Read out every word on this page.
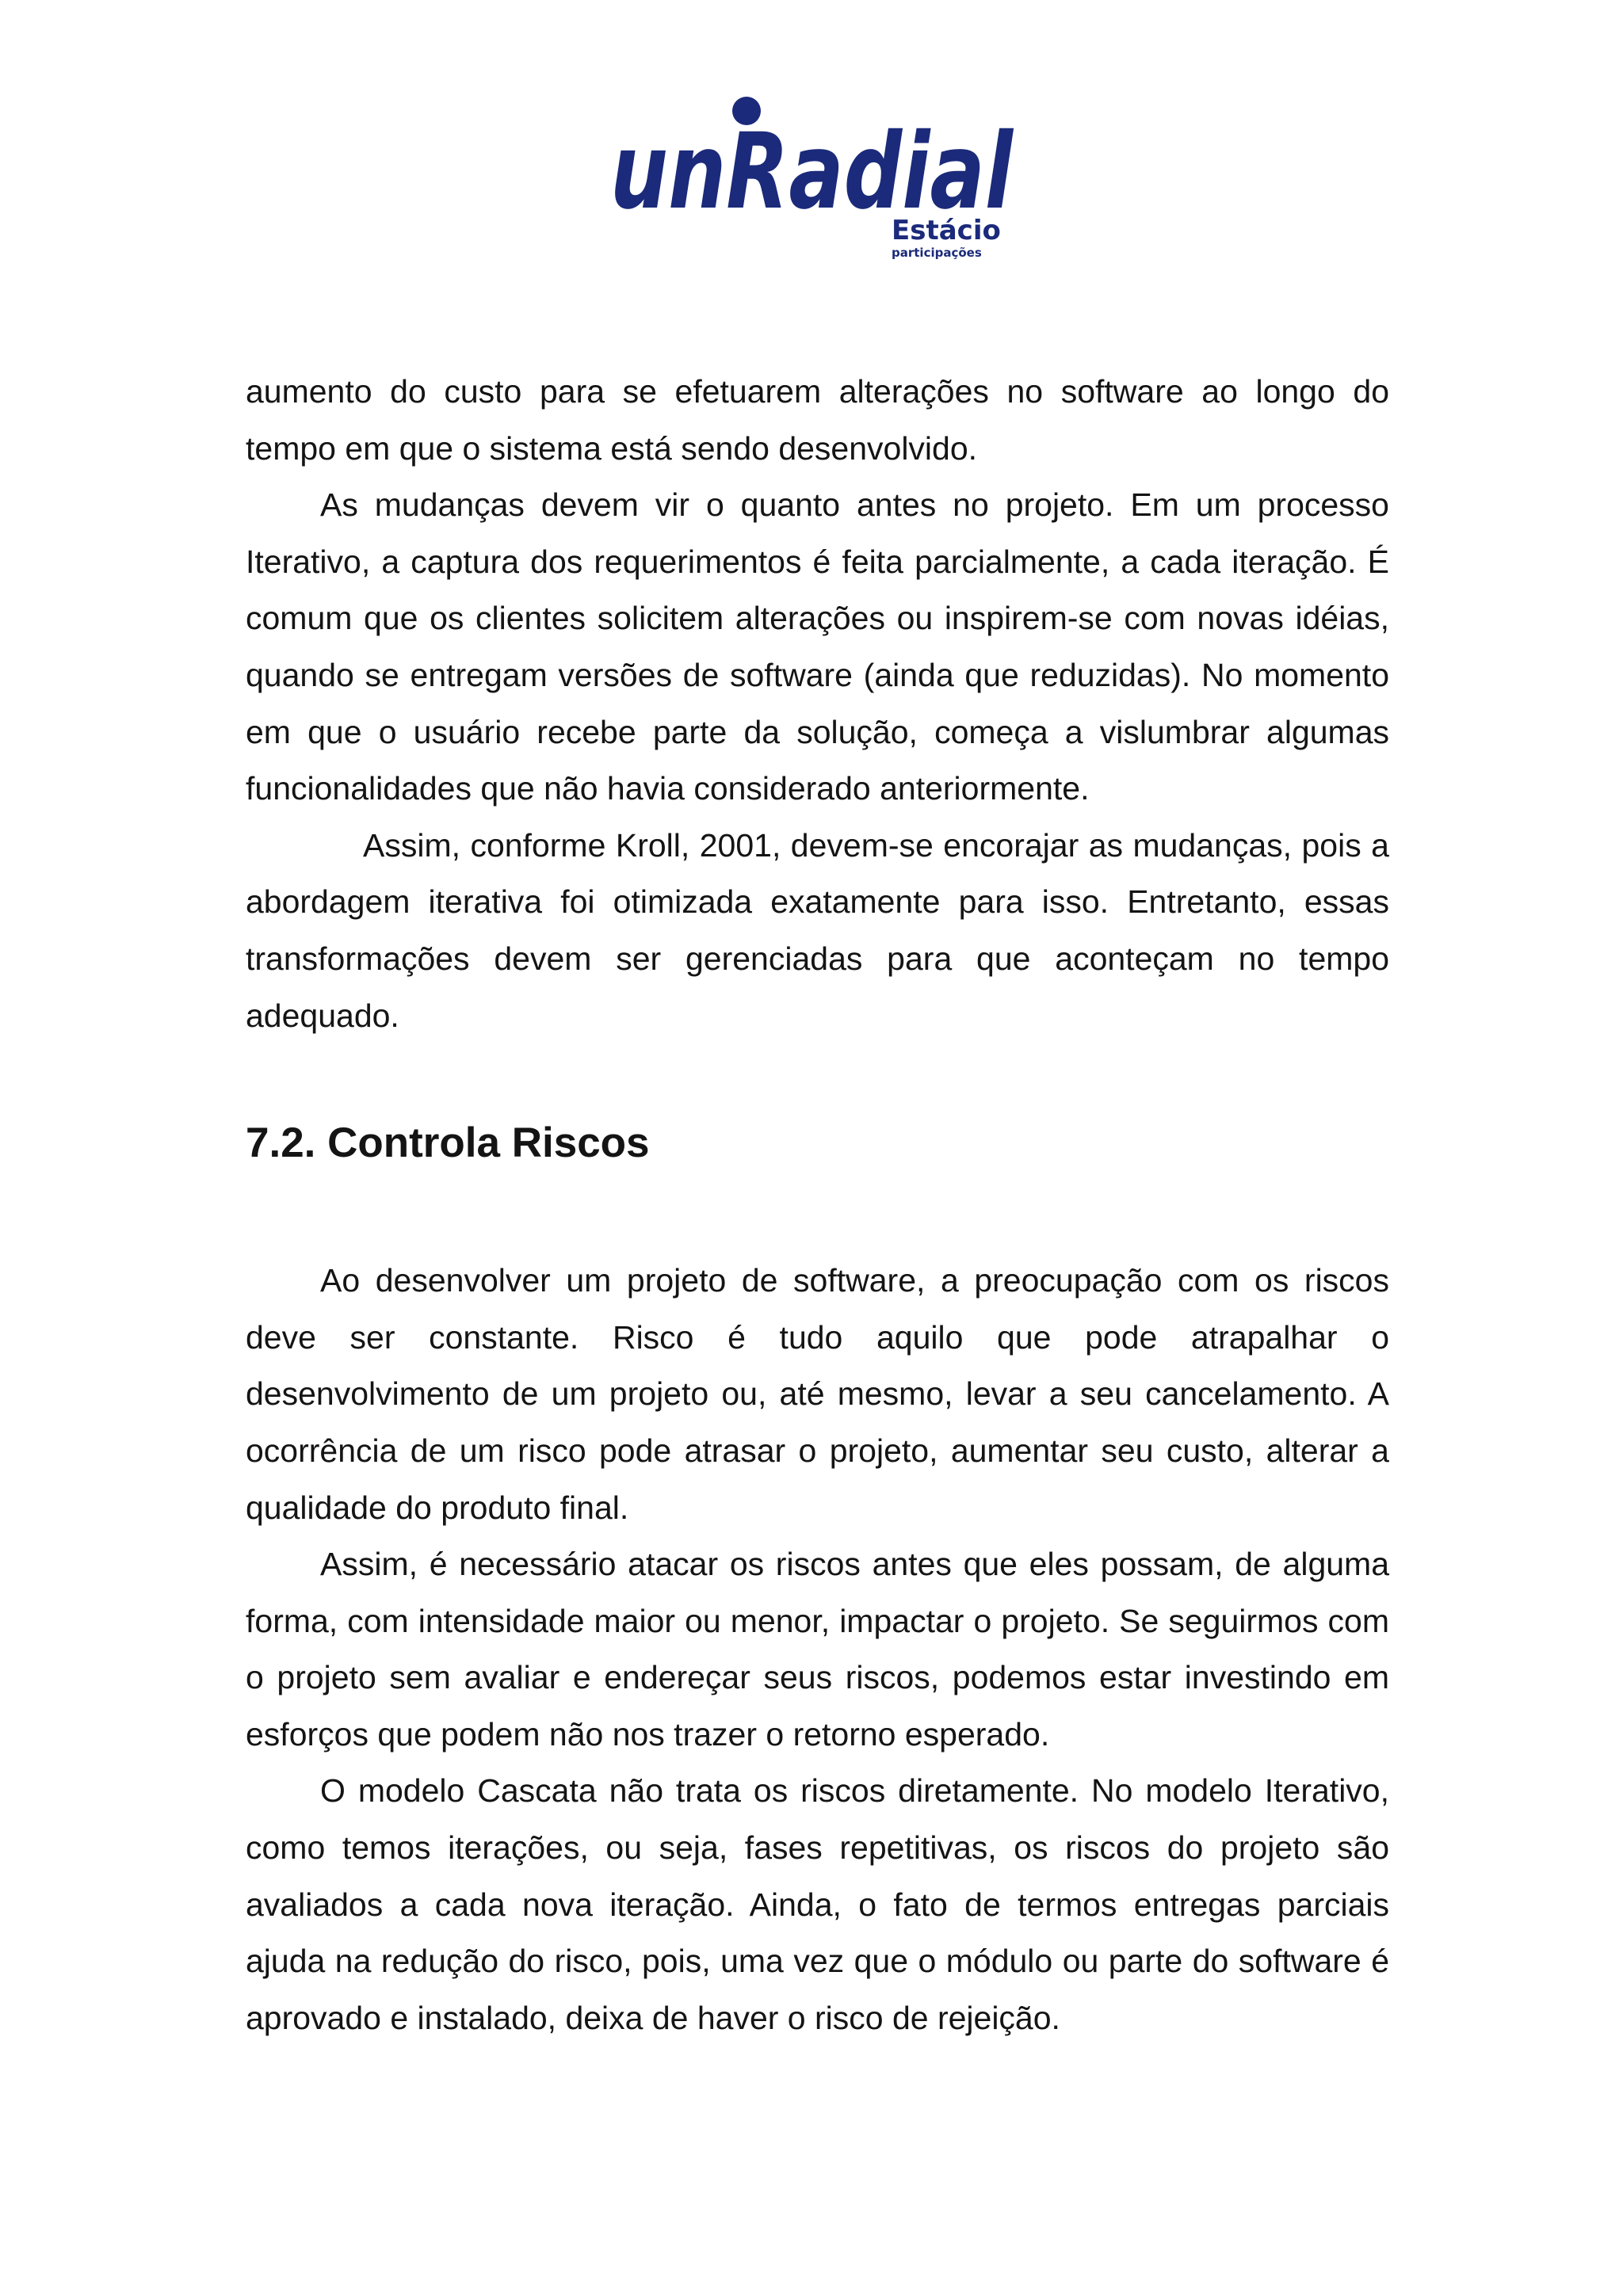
unRadial
Estácio
participações

aumento do custo para se efetuarem alterações no software ao longo do tempo em que o sistema está sendo desenvolvido.

As mudanças devem vir o quanto antes no projeto. Em um processo Iterativo, a captura dos requerimentos é feita parcialmente, a cada iteração. É comum que os clientes solicitem alterações ou inspirem-se com novas idéias, quando se entregam versões de software (ainda que reduzidas). No momento em que o usuário recebe parte da solução, começa a vislumbrar algumas funcionalidades que não havia considerado anteriormente.

Assim, conforme Kroll, 2001, devem-se encorajar as mudanças, pois a abordagem iterativa foi otimizada exatamente para isso. Entretanto, essas transformações devem ser gerenciadas para que aconteçam no tempo adequado.

7.2. Controla Riscos

Ao desenvolver um projeto de software, a preocupação com os riscos deve ser constante. Risco é tudo aquilo que pode atrapalhar o desenvolvimento de um projeto ou, até mesmo, levar a seu cancelamento. A ocorrência de um risco pode atrasar o projeto, aumentar seu custo, alterar a qualidade do produto final.

Assim, é necessário atacar os riscos antes que eles possam, de alguma forma, com intensidade maior ou menor, impactar o projeto. Se seguirmos com o projeto sem avaliar e endereçar seus riscos, podemos estar investindo em esforços que podem não nos trazer o retorno esperado.

O modelo Cascata não trata os riscos diretamente. No modelo Iterativo, como temos iterações, ou seja, fases repetitivas, os riscos do projeto são avaliados a cada nova iteração. Ainda, o fato de termos entregas parciais ajuda na redução do risco, pois, uma vez que o módulo ou parte do software é aprovado e instalado, deixa de haver o risco de rejeição.
